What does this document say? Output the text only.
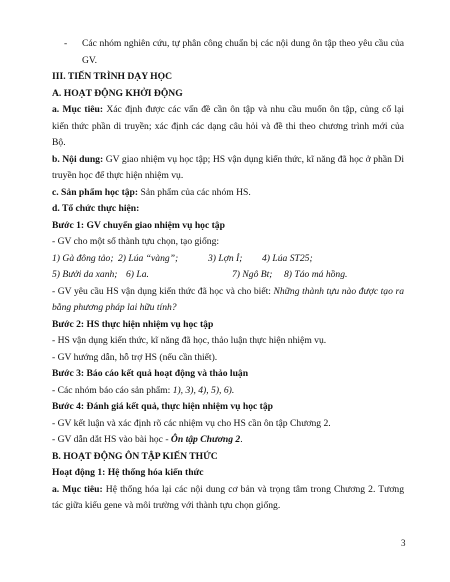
-	Các nhóm nghiên cứu, tự phân công chuẩn bị các nội dung ôn tập theo yêu cầu của GV.

III. TIẾN TRÌNH DẠY HỌC

A. HOẠT ĐỘNG KHỞI ĐỘNG

a. Mục tiêu: Xác định được các vấn đề cần ôn tập và nhu cầu muốn ôn tập, củng cố lại kiến thức phần di truyền; xác định các dạng câu hỏi và đề thi theo chương trình mới của Bộ.

b. Nội dung: GV giao nhiệm vụ học tập; HS vận dụng kiến thức, kĩ năng đã học ở phần Di truyền học để thực hiện nhiệm vụ.

c. Sản phẩm học tập: Sản phẩm của các nhóm HS.

d. Tổ chức thực hiện:

Bước 1: GV chuyển giao nhiệm vụ học tập

- GV cho một số thành tựu chọn, tạo giống:

1) Gà đông tảo; 2) Lúa “vàng”;	3) Lợn Ỉ;	4) Lúa ST25;
5) Bưởi da xanh; 6) La.	7) Ngô Bt;	8) Táo má hồng.

- GV yêu cầu HS vận dụng kiến thức đã học và cho biết: Những thành tựu nào được tạo ra bằng phương pháp lai hữu tính?

Bước 2: HS thực hiện nhiệm vụ học tập

- HS vận dụng kiến thức, kĩ năng đã học, thảo luận thực hiện nhiệm vụ.

- GV hướng dẫn, hỗ trợ HS (nếu cần thiết).

Bước 3: Báo cáo kết quả hoạt động và thảo luận

- Các nhóm báo cáo sản phẩm: 1), 3), 4), 5), 6).

Bước 4: Đánh giá kết quả, thực hiện nhiệm vụ học tập

- GV kết luận và xác định rõ các nhiệm vụ cho HS cần ôn tập Chương 2.

- GV dẫn dắt HS vào bài học - Ôn tập Chương 2.

B. HOẠT ĐỘNG ÔN TẬP KIẾN THỨC

Hoạt động 1: Hệ thống hóa kiến thức

a. Mục tiêu: Hệ thống hóa lại các nội dung cơ bản và trọng tâm trong Chương 2. Tương tác giữa kiểu gene và môi trường với thành tựu chọn giống.

3
